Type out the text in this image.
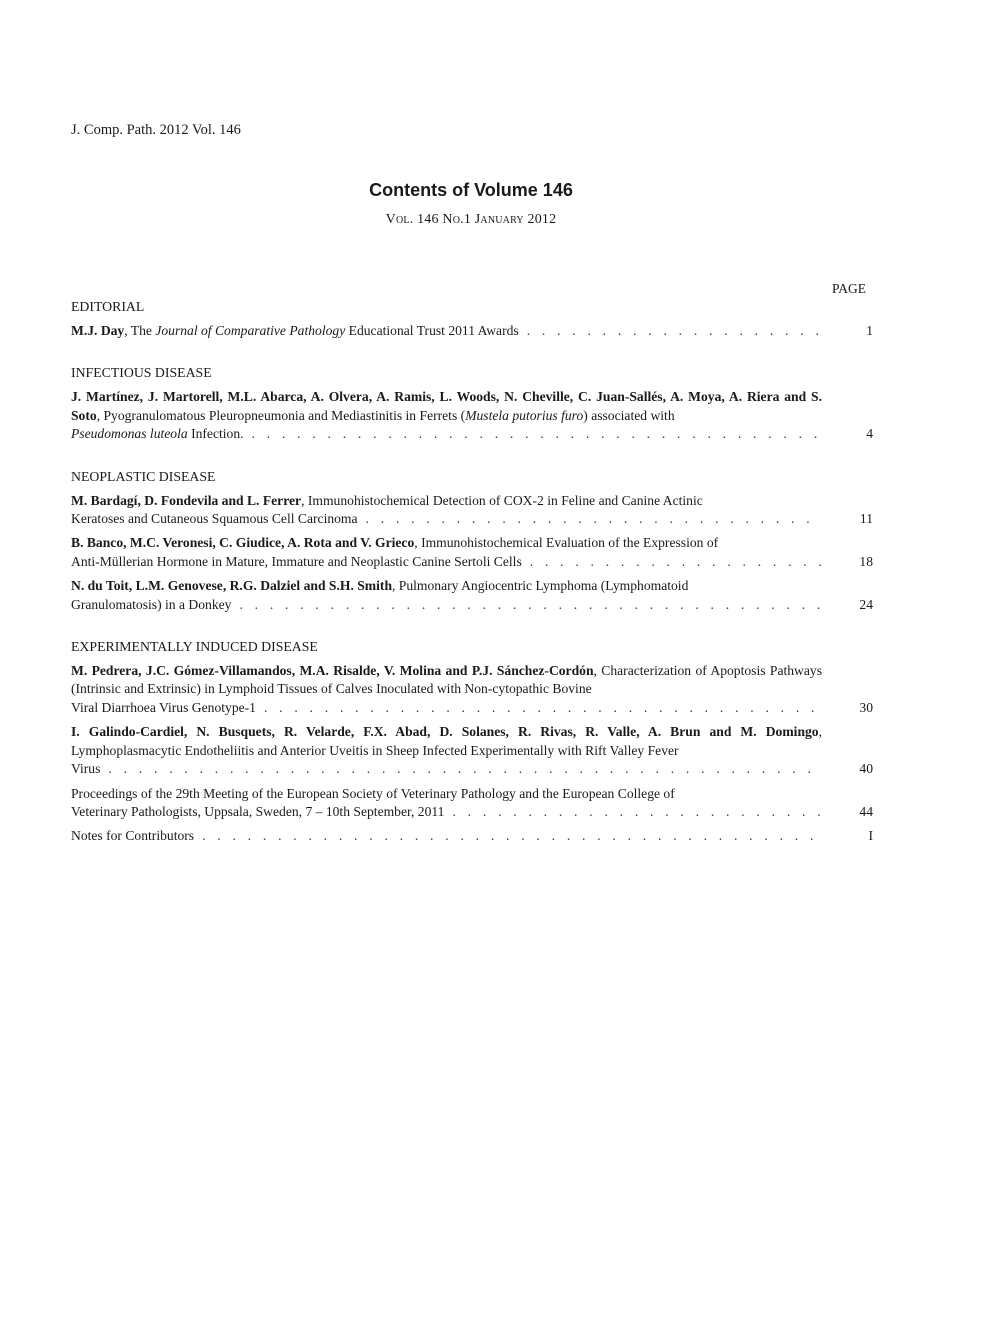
J. Comp. Path. 2012 Vol. 146
Contents of Volume 146
Vol. 146 No.1 January 2012
PAGE
EDITORIAL
M.J. Day, The Journal of Comparative Pathology Educational Trust 2011 Awards . . .	1
INFECTIOUS DISEASE
J. Martínez, J. Martorell, M.L. Abarca, A. Olvera, A. Ramis, L. Woods, N. Cheville, C. Juan-Sallés, A. Moya, A. Riera and S. Soto, Pyogranulomatous Pleuropneumonia and Mediastinitis in Ferrets (Mustela putorius furo) associated with
Pseudomonas luteola Infection. . . .	4
NEOPLASTIC DISEASE
M. Bardagí, D. Fondevila and L. Ferrer, Immunohistochemical Detection of COX-2 in Feline and Canine Actinic
Keratoses and Cutaneous Squamous Cell Carcinoma . . .	11
B. Banco, M.C. Veronesi, C. Giudice, A. Rota and V. Grieco, Immunohistochemical Evaluation of the Expression of
Anti-Müllerian Hormone in Mature, Immature and Neoplastic Canine Sertoli Cells . . .	18
N. du Toit, L.M. Genovese, R.G. Dalziel and S.H. Smith, Pulmonary Angiocentric Lymphoma (Lymphomatoid
Granulomatosis) in a Donkey . . .	24
EXPERIMENTALLY INDUCED DISEASE
M. Pedrera, J.C. Gómez-Villamandos, M.A. Risalde, V. Molina and P.J. Sánchez-Cordón, Characterization of Apoptosis Pathways (Intrinsic and Extrinsic) in Lymphoid Tissues of Calves Inoculated with Non-cytopathic Bovine
Viral Diarrhoea Virus Genotype-1 . . .	30
I. Galindo-Cardiel, N. Busquets, R. Velarde, F.X. Abad, D. Solanes, R. Rivas, R. Valle, A. Brun and M. Domingo, Lymphoplasmacytic Endotheliitis and Anterior Uveitis in Sheep Infected Experimentally with Rift Valley Fever
Virus . . .	40
Proceedings of the 29th Meeting of the European Society of Veterinary Pathology and the European College of
Veterinary Pathologists, Uppsala, Sweden, 7 – 10th September, 2011 . . .	44
Notes for Contributors . . .	I
